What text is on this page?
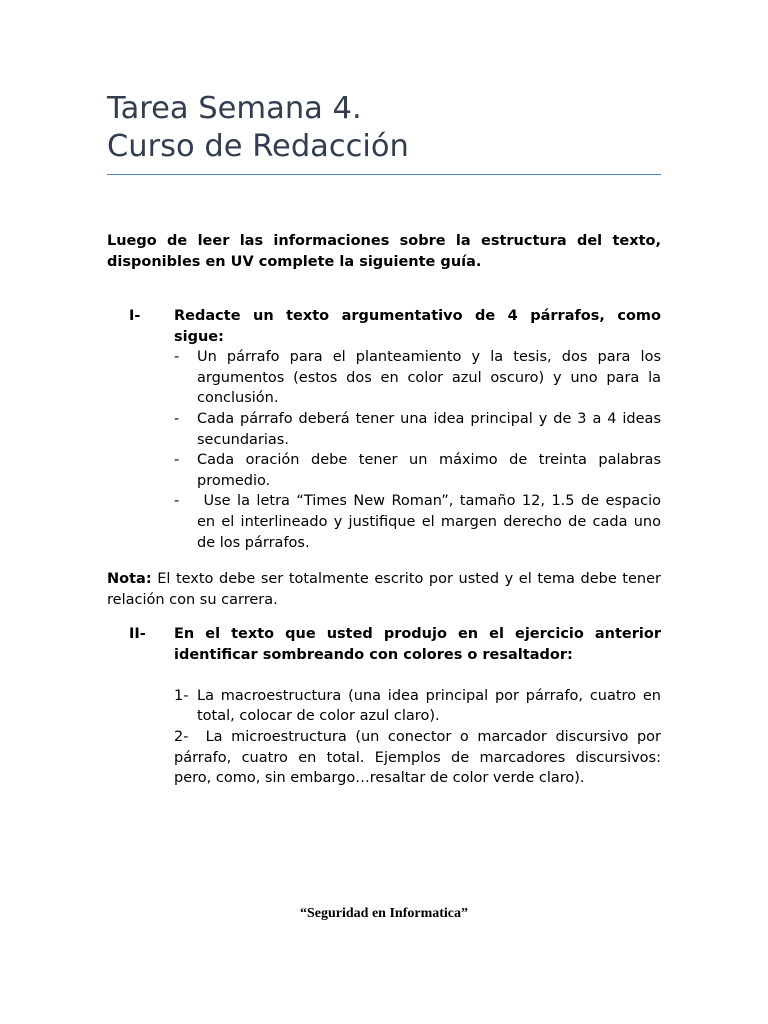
Tarea Semana 4.
Curso de Redacción

Luego de leer las informaciones sobre la estructura del texto, disponibles en UV complete la siguiente guía.

I- Redacte un texto argumentativo de 4 párrafos, como sigue:
- Un párrafo para el planteamiento y la tesis, dos para los argumentos (estos dos en color azul oscuro) y uno para la conclusión.
- Cada párrafo deberá tener una idea principal y de 3 a 4 ideas secundarias.
- Cada oración debe tener un máximo de treinta palabras promedio.
- Use la letra “Times New Roman”, tamaño 12, 1.5 de espacio en el interlineado y justifique el margen derecho de cada uno de los párrafos.

Nota: El texto debe ser totalmente escrito por usted y el tema debe tener relación con su carrera.

II- En el texto que usted produjo en el ejercicio anterior identificar sombreando con colores o resaltador:
1- La macroestructura (una idea principal por párrafo, cuatro en total, colocar de color azul claro).
2-  La microestructura (un conector o marcador discursivo por párrafo, cuatro en total. Ejemplos de marcadores discursivos: pero, como, sin embargo…resaltar de color verde claro).
“Seguridad en Informatica”
